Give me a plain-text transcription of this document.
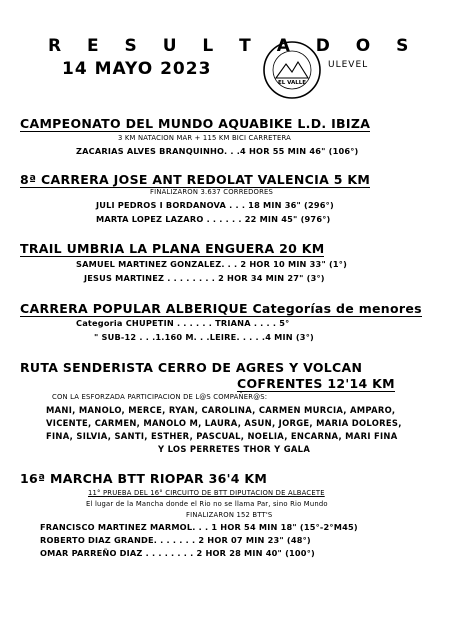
R E S U L T A D O S
14 MAYO 2023
EL VALLE
ULEVEL
CAMPEONATO DEL MUNDO AQUABIKE L.D. IBIZA
3 KM NATACION MAR + 115 KM BICI CARRETERA
ZACARIAS ALVES BRANQUINHO. . .4 HOR 55 MIN 46" (106°)
8ª CARRERA JOSE ANT REDOLAT VALENCIA 5 KM
FINALIZARON 3.637 CORREDORES
JULI PEDROS I BORDANOVA . . . 18 MIN 36" (296°)
MARTA LOPEZ LAZARO . . . . . . 22 MIN 45" (976°)
TRAIL UMBRIA LA PLANA ENGUERA 20 KM
SAMUEL MARTINEZ GONZALEZ. . . 2 HOR 10 MIN 33" (1°)
JESUS MARTINEZ . . . . . . . . 2 HOR 34 MIN 27" (3°)
CARRERA POPULAR ALBERIQUE Categorías de menores
Categoria CHUPETIN . . . . . . TRIANA . . . . 5°
" SUB-12 . . .1.160 M. . .LEIRE. . . . .4 MIN (3°)
RUTA SENDERISTA CERRO DE AGRES Y VOLCAN
COFRENTES 12'14 KM
CON LA ESFORZADA PARTICIPACION DE L@S COMPAÑER@S:
MANI, MANOLO, MERCE, RYAN, CAROLINA, CARMEN MURCIA, AMPARO,
VICENTE, CARMEN, MANOLO M, LAURA, ASUN, JORGE, MARIA DOLORES,
FINA, SILVIA, SANTI, ESTHER, PASCUAL, NOELIA, ENCARNA, MARI FINA
Y LOS PERRETES THOR Y GALA
16ª MARCHA BTT RIOPAR 36'4 KM
11° PRUEBA DEL 16° CIRCUITO DE BTT DIPUTACION DE ALBACETE
El lugar de la Mancha donde el Rio no se llama Par, sino Rio Mundo
FINALIZARON 152 BTT'S
FRANCISCO MARTINEZ MARMOL. . . 1 HOR 54 MIN 18" (15°-2°M45)
ROBERTO DIAZ GRANDE. . . . . . . 2 HOR 07 MIN 23" (48°)
OMAR PARREÑO DIAZ . . . . . . . . 2 HOR 28 MIN 40" (100°)
